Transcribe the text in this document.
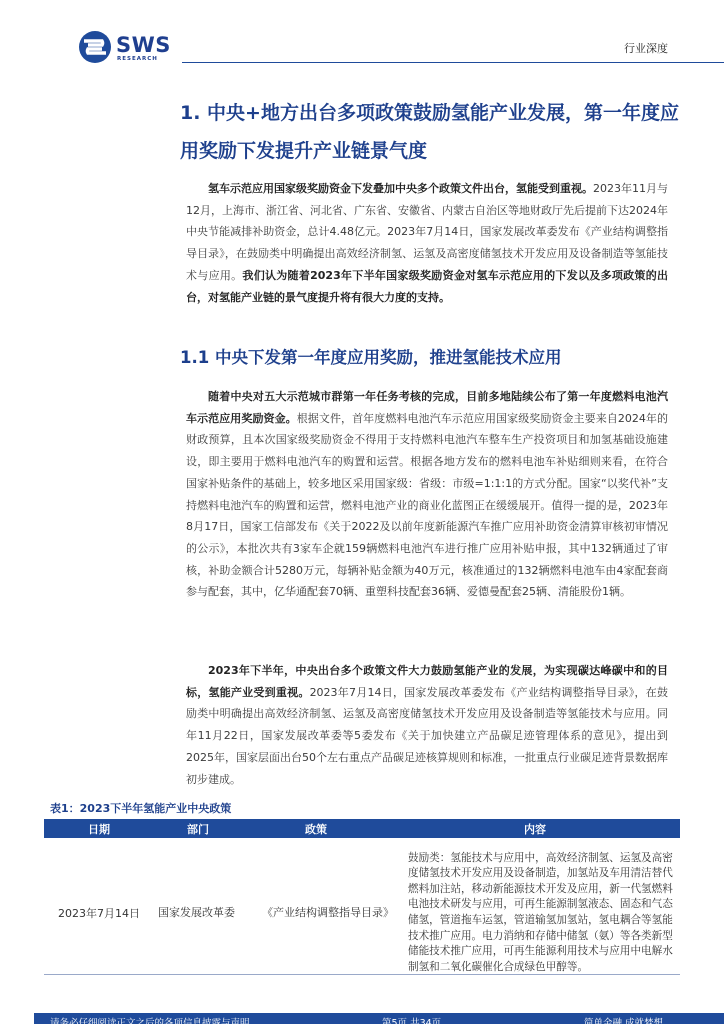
SWS
RESEARCH
行业深度
1. 中央+地方出台多项政策鼓励氢能产业发展，第一年度应用奖励下发提升产业链景气度

氢车示范应用国家级奖励资金下发叠加中央多个政策文件出台，氢能受到重视。2023年11月与12月，上海市、浙江省、河北省、广东省、安徽省、内蒙古自治区等地财政厅先后提前下达2024年中央节能减排补助资金，总计4.48亿元。2023年7月14日，国家发展改革委发布《产业结构调整指导目录》，在鼓励类中明确提出高效经济制氢、运氢及高密度储氢技术开发应用及设备制造等氢能技术与应用。我们认为随着2023年下半年国家级奖励资金对氢车示范应用的下发以及多项政策的出台，对氢能产业链的景气度提升将有很大力度的支持。

1.1 中央下发第一年度应用奖励，推进氢能技术应用

随着中央对五大示范城市群第一年任务考核的完成，目前多地陆续公布了第一年度燃料电池汽车示范应用奖励资金。根据文件，首年度燃料电池汽车示范应用国家级奖励资金主要来自2024年的财政预算，且本次国家级奖励资金不得用于支持燃料电池汽车整车生产投资项目和加氢基础设施建设，即主要用于燃料电池汽车的购置和运营。根据各地方发布的燃料电池车补贴细则来看，在符合国家补贴条件的基础上，较多地区采用国家级：省级：市级=1:1:1的方式分配。国家“以奖代补”支持燃料电池汽车的购置和运营，燃料电池产业的商业化蓝图正在缓缓展开。值得一提的是，2023年8月17日，国家工信部发布《关于2022及以前年度新能源汽车推广应用补助资金清算审核初审情况的公示》，本批次共有3家车企就159辆燃料电池汽车进行推广应用补贴申报，其中132辆通过了审核，补助金额合计5280万元，每辆补贴金额为40万元，核准通过的132辆燃料电池车由4家配套商参与配套，其中，亿华通配套70辆、重塑科技配套36辆、爱德曼配套25辆、清能股份1辆。

2023年下半年，中央出台多个政策文件大力鼓励氢能产业的发展，为实现碳达峰碳中和的目标，氢能产业受到重视。2023年7月14日，国家发展改革委发布《产业结构调整指导目录》，在鼓励类中明确提出高效经济制氢、运氢及高密度储氢技术开发应用及设备制造等氢能技术与应用。同年11月22日，国家发展改革委等5委发布《关于加快建立产品碳足迹管理体系的意见》，提出到2025年，国家层面出台50个左右重点产品碳足迹核算规则和标准，一批重点行业碳足迹背景数据库初步建成。

表1：2023下半年氢能产业中央政策
日期	部门	政策	内容
2023年7月14日	国家发展改革委	《产业结构调整指导目录》	鼓励类：氢能技术与应用中，高效经济制氢、运氢及高密度储氢技术开发应用及设备制造，加氢站及车用清洁替代燃料加注站，移动新能源技术开发及应用，新一代氢燃料电池技术研发与应用，可再生能源制氢液态、固态和气态储氢，管道拖车运氢，管道输氢加氢站，氢电耦合等氢能技术推广应用。电力消纳和存储中储氢（氨）等各类新型储能技术推广应用，可再生能源利用技术与应用中电解水制氢和二氧化碳催化合成绿色甲醇等。
请务必仔细阅读正文之后的各项信息披露与声明	第5页 共34页	简单金融 成就梦想
